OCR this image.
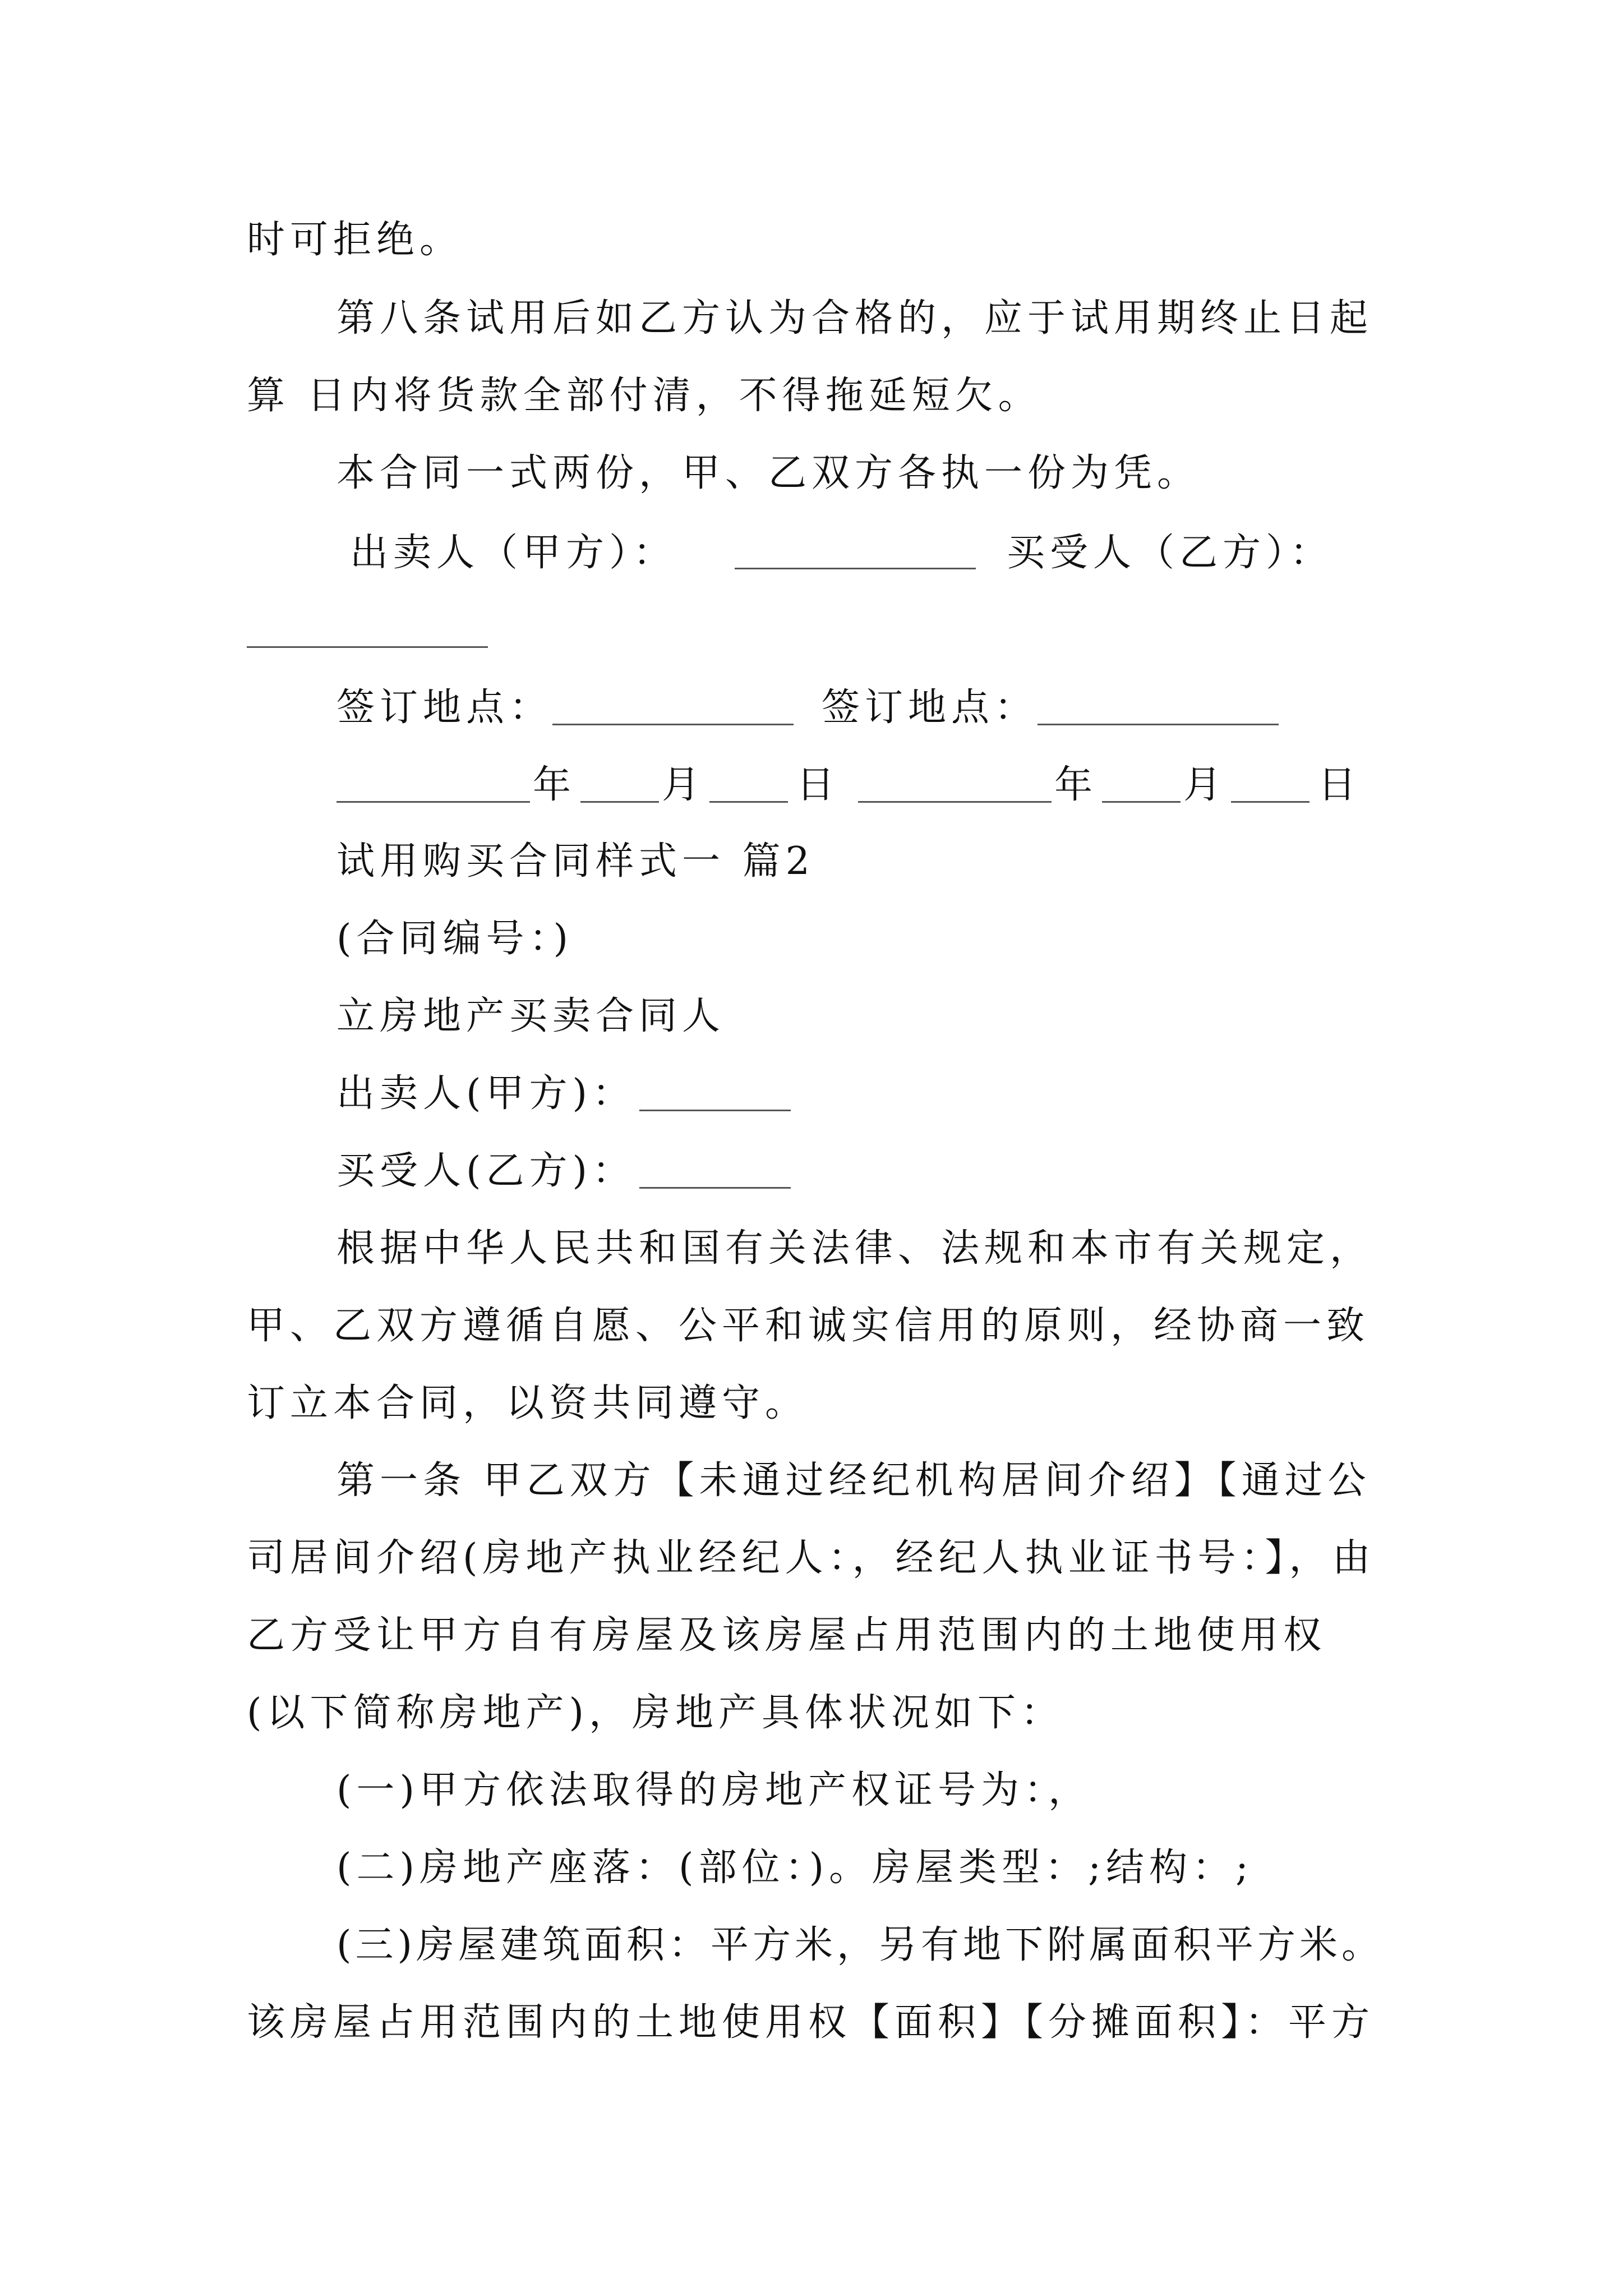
时可拒绝。
第八条试用后如乙方认为合格的，应于试用期终止日起
算 日内将货款全部付清，不得拖延短欠。
本合同一式两份，甲、乙双方各执一份为凭。
出卖人（甲方）：	买受人（乙方）：
签订地点：	签订地点：
年 月 日	年 月 日
试用购买合同样式一 篇2
(合同编号：)
立房地产买卖合同人
出卖人(甲方)：
买受人(乙方)：
根据中华人民共和国有关法律、法规和本市有关规定，
甲、乙双方遵循自愿、公平和诚实信用的原则，经协商一致
订立本合同，以资共同遵守。
第一条 甲乙双方【未通过经纪机构居间介绍】【通过公
司居间介绍(房地产执业经纪人：，经纪人执业证书号：】，由
乙方受让甲方自有房屋及该房屋占用范围内的土地使用权
(以下简称房地产)，房地产具体状况如下：
(一)甲方依法取得的房地产权证号为：，
(二)房地产座落：(部位：)。房屋类型：;结构：;
(三)房屋建筑面积：平方米，另有地下附属面积平方米。
该房屋占用范围内的土地使用权【面积】【分摊面积】：平方
